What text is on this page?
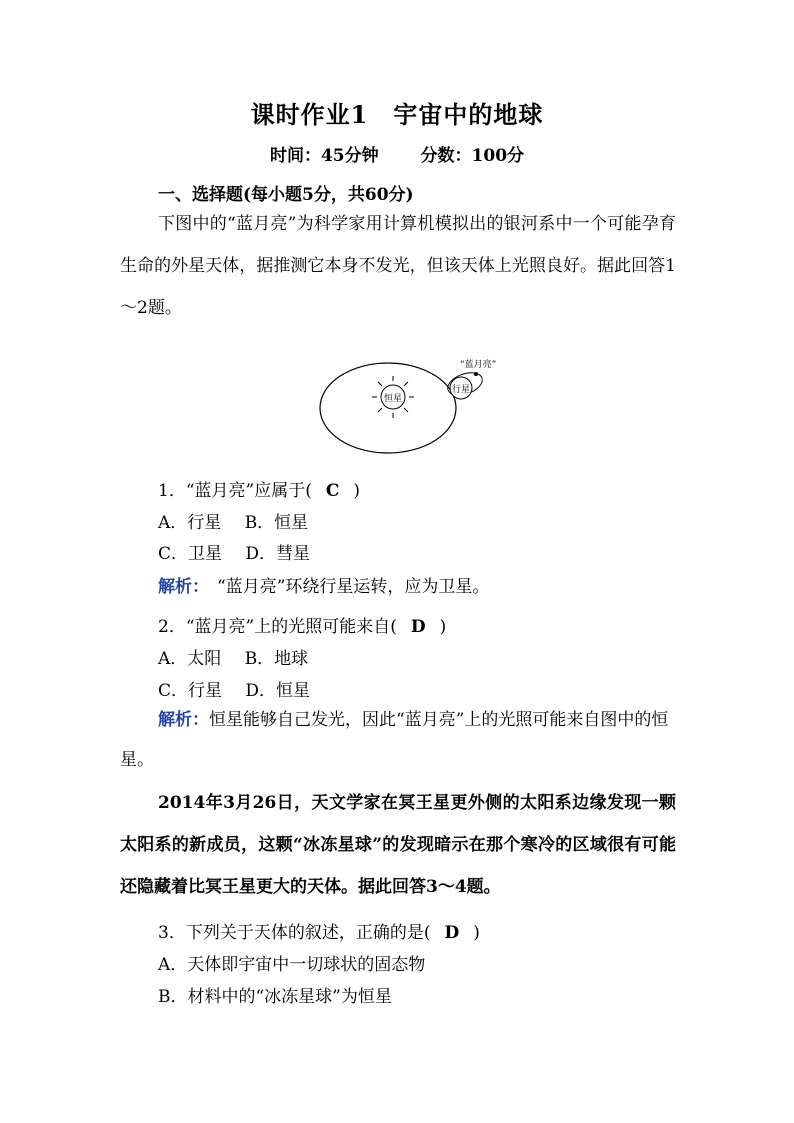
课时作业1　宇宙中的地球
时间：45分钟 分数：100分
一、选择题(每小题5分，共60分)
下图中的“蓝月亮”为科学家用计算机模拟出的银河系中一个可能孕育生命的外星天体，据推测它本身不发光，但该天体上光照良好。据此回答1～2题。
恒星
行星
“蓝月亮”
1．“蓝月亮”应属于( C )
A．行星 B．恒星
C．卫星 D．彗星
解析： “蓝月亮”环绕行星运转，应为卫星。
2．“蓝月亮”上的光照可能来自( D )
A．太阳 B．地球
C．行星 D．恒星
解析：恒星能够自己发光，因此“蓝月亮”上的光照可能来自图中的恒星。
2014年3月26日，天文学家在冥王星更外侧的太阳系边缘发现一颗太阳系的新成员，这颗“冰冻星球”的发现暗示在那个寒冷的区域很有可能还隐藏着比冥王星更大的天体。据此回答3～4题。
3．下列关于天体的叙述，正确的是( D )
A．天体即宇宙中一切球状的固态物
B．材料中的“冰冻星球”为恒星
